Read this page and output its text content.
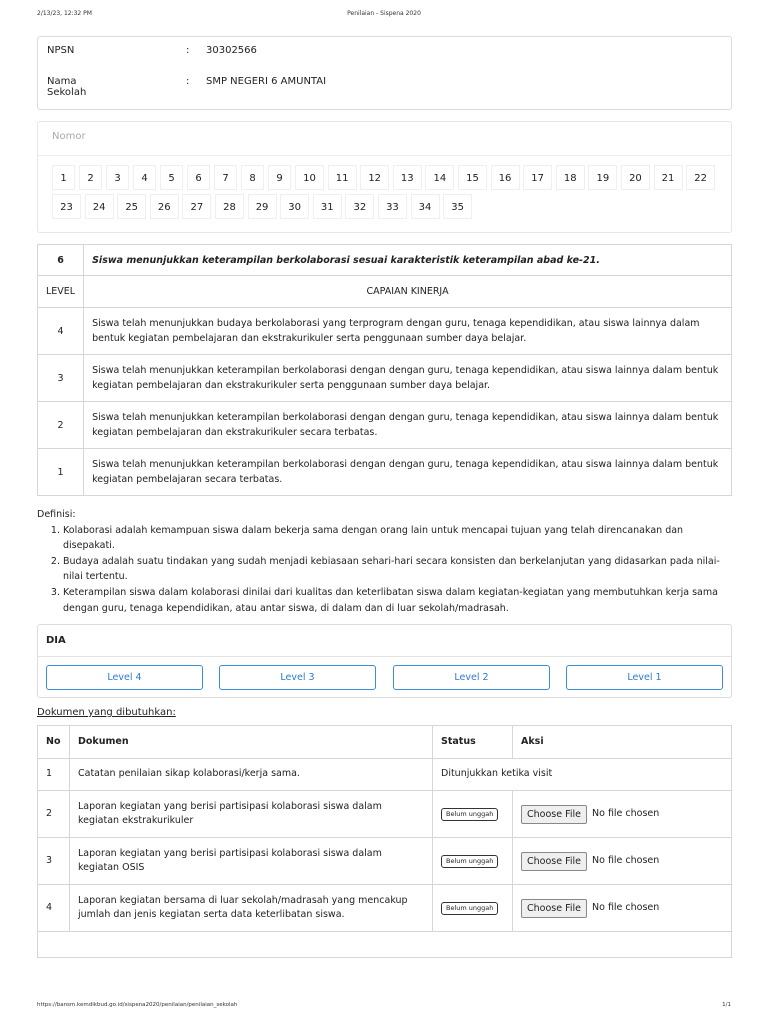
2/13/23, 12:32 PM	Penilaian - Sispena 2020
NPSN	: 30302566
Nama Sekolah
: SMP NEGERI 6 AMUNTAI
Nomor
1 2 3 4 5 6 7 8 9 10 11 12 13 14 15 16 17 18 19 20 21 2223 24 25 26 27 28 29 30 31 32 33 34 35
6	Siswa menunjukkan keterampilan berkolaborasi sesuai karakteristik keterampilan abad ke-21.
LEVEL	CAPAIAN KINERJA
4	Siswa telah menunjukkan budaya berkolaborasi yang terprogram dengan guru, tenaga kependidikan, atau siswa lainnya dalam bentuk kegiatan pembelajaran dan ekstrakurikuler serta penggunaan sumber daya belajar.
3	Siswa telah menunjukkan keterampilan berkolaborasi dengan dengan guru, tenaga kependidikan, atau siswa lainnya dalam bentuk kegiatan pembelajaran dan ekstrakurikuler serta penggunaan sumber daya belajar.
2	Siswa telah menunjukkan keterampilan berkolaborasi dengan dengan guru, tenaga kependidikan, atau siswa lainnya dalam bentuk kegiatan pembelajaran dan ekstrakurikuler secara terbatas.
1	Siswa telah menunjukkan keterampilan berkolaborasi dengan dengan guru, tenaga kependidikan, atau siswa lainnya dalam bentuk kegiatan pembelajaran secara terbatas.
Definisi:
1. Kolaborasi adalah kemampuan siswa dalam bekerja sama dengan orang lain untuk mencapai tujuan yang telah direncanakan dan disepakati.
2. Budaya adalah suatu tindakan yang sudah menjadi kebiasaan sehari-hari secara konsisten dan berkelanjutan yang didasarkan pada nilai-nilai tertentu.
3. Keterampilan siswa dalam kolaborasi dinilai dari kualitas dan keterlibatan siswa dalam kegiatan-kegiatan yang membutuhkan kerja sama dengan guru, tenaga kependidikan, atau antar siswa, di dalam dan di luar sekolah/madrasah.
DIA
Level 4	Level 3	Level 2	Level 1
Dokumen yang dibutuhkan:
No	Dokumen	Status	Aksi
1	Catatan penilaian sikap kolaborasi/kerja sama.	Ditunjukkan ketika visit	
2	Laporan kegiatan yang berisi partisipasi kolaborasi siswa dalam kegiatan ekstrakurikuler	Belum unggah	Choose File No file chosen

3	Laporan kegiatan yang berisi partisipasi kolaborasi siswa dalam kegiatan OSIS	Belum unggah	Choose File No file chosen

4	Laporan kegiatan bersama di luar sekolah/madrasah yang mencakup jumlah dan jenis kegiatan serta data keterlibatan siswa.	Belum unggah	Choose File No file chosen

https://bansm.kemdikbud.go.id/sispena2020/penilaian/penilaian_sekolah	1/1
